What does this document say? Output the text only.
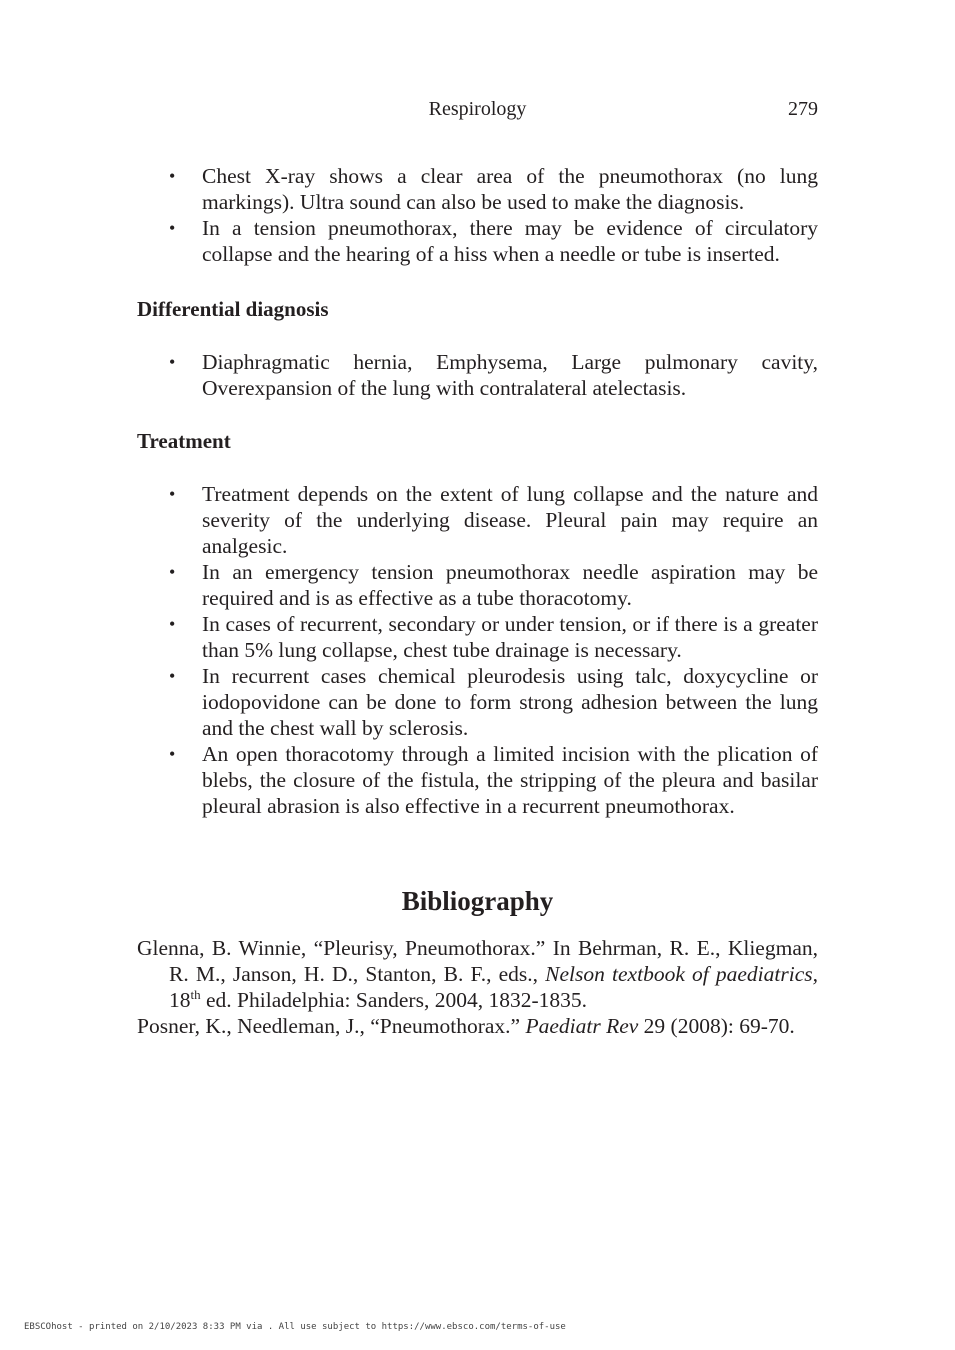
Respirology	279
• Chest X-ray shows a clear area of the pneumothorax (no lung markings). Ultra sound can also be used to make the diagnosis.
• In a tension pneumothorax, there may be evidence of circulatory collapse and the hearing of a hiss when a needle or tube is inserted.
Differential diagnosis
• Diaphragmatic hernia, Emphysema, Large pulmonary cavity, Overexpansion of the lung with contralateral atelectasis.
Treatment
• Treatment depends on the extent of lung collapse and the nature and severity of the underlying disease. Pleural pain may require an analgesic.
• In an emergency tension pneumothorax needle aspiration may be required and is as effective as a tube thoracotomy.
• In cases of recurrent, secondary or under tension, or if there is a greater than 5% lung collapse, chest tube drainage is necessary.
• In recurrent cases chemical pleurodesis using talc, doxycycline or iodopovidone can be done to form strong adhesion between the lung and the chest wall by sclerosis.
• An open thoracotomy through a limited incision with the plication of blebs, the closure of the fistula, the stripping of the pleura and basilar pleural abrasion is also effective in a recurrent pneumothorax.
Bibliography
Glenna, B. Winnie, “Pleurisy, Pneumothorax.” In Behrman, R. E., Kliegman, R. M., Janson, H. D., Stanton, B. F., eds., Nelson textbook of paediatrics, 18th ed. Philadelphia: Sanders, 2004, 1832-1835.
Posner, K., Needleman, J., “Pneumothorax.” Paediatr Rev 29 (2008): 69-70.
EBSCOhost - printed on 2/10/2023 8:33 PM via . All use subject to https://www.ebsco.com/terms-of-use
